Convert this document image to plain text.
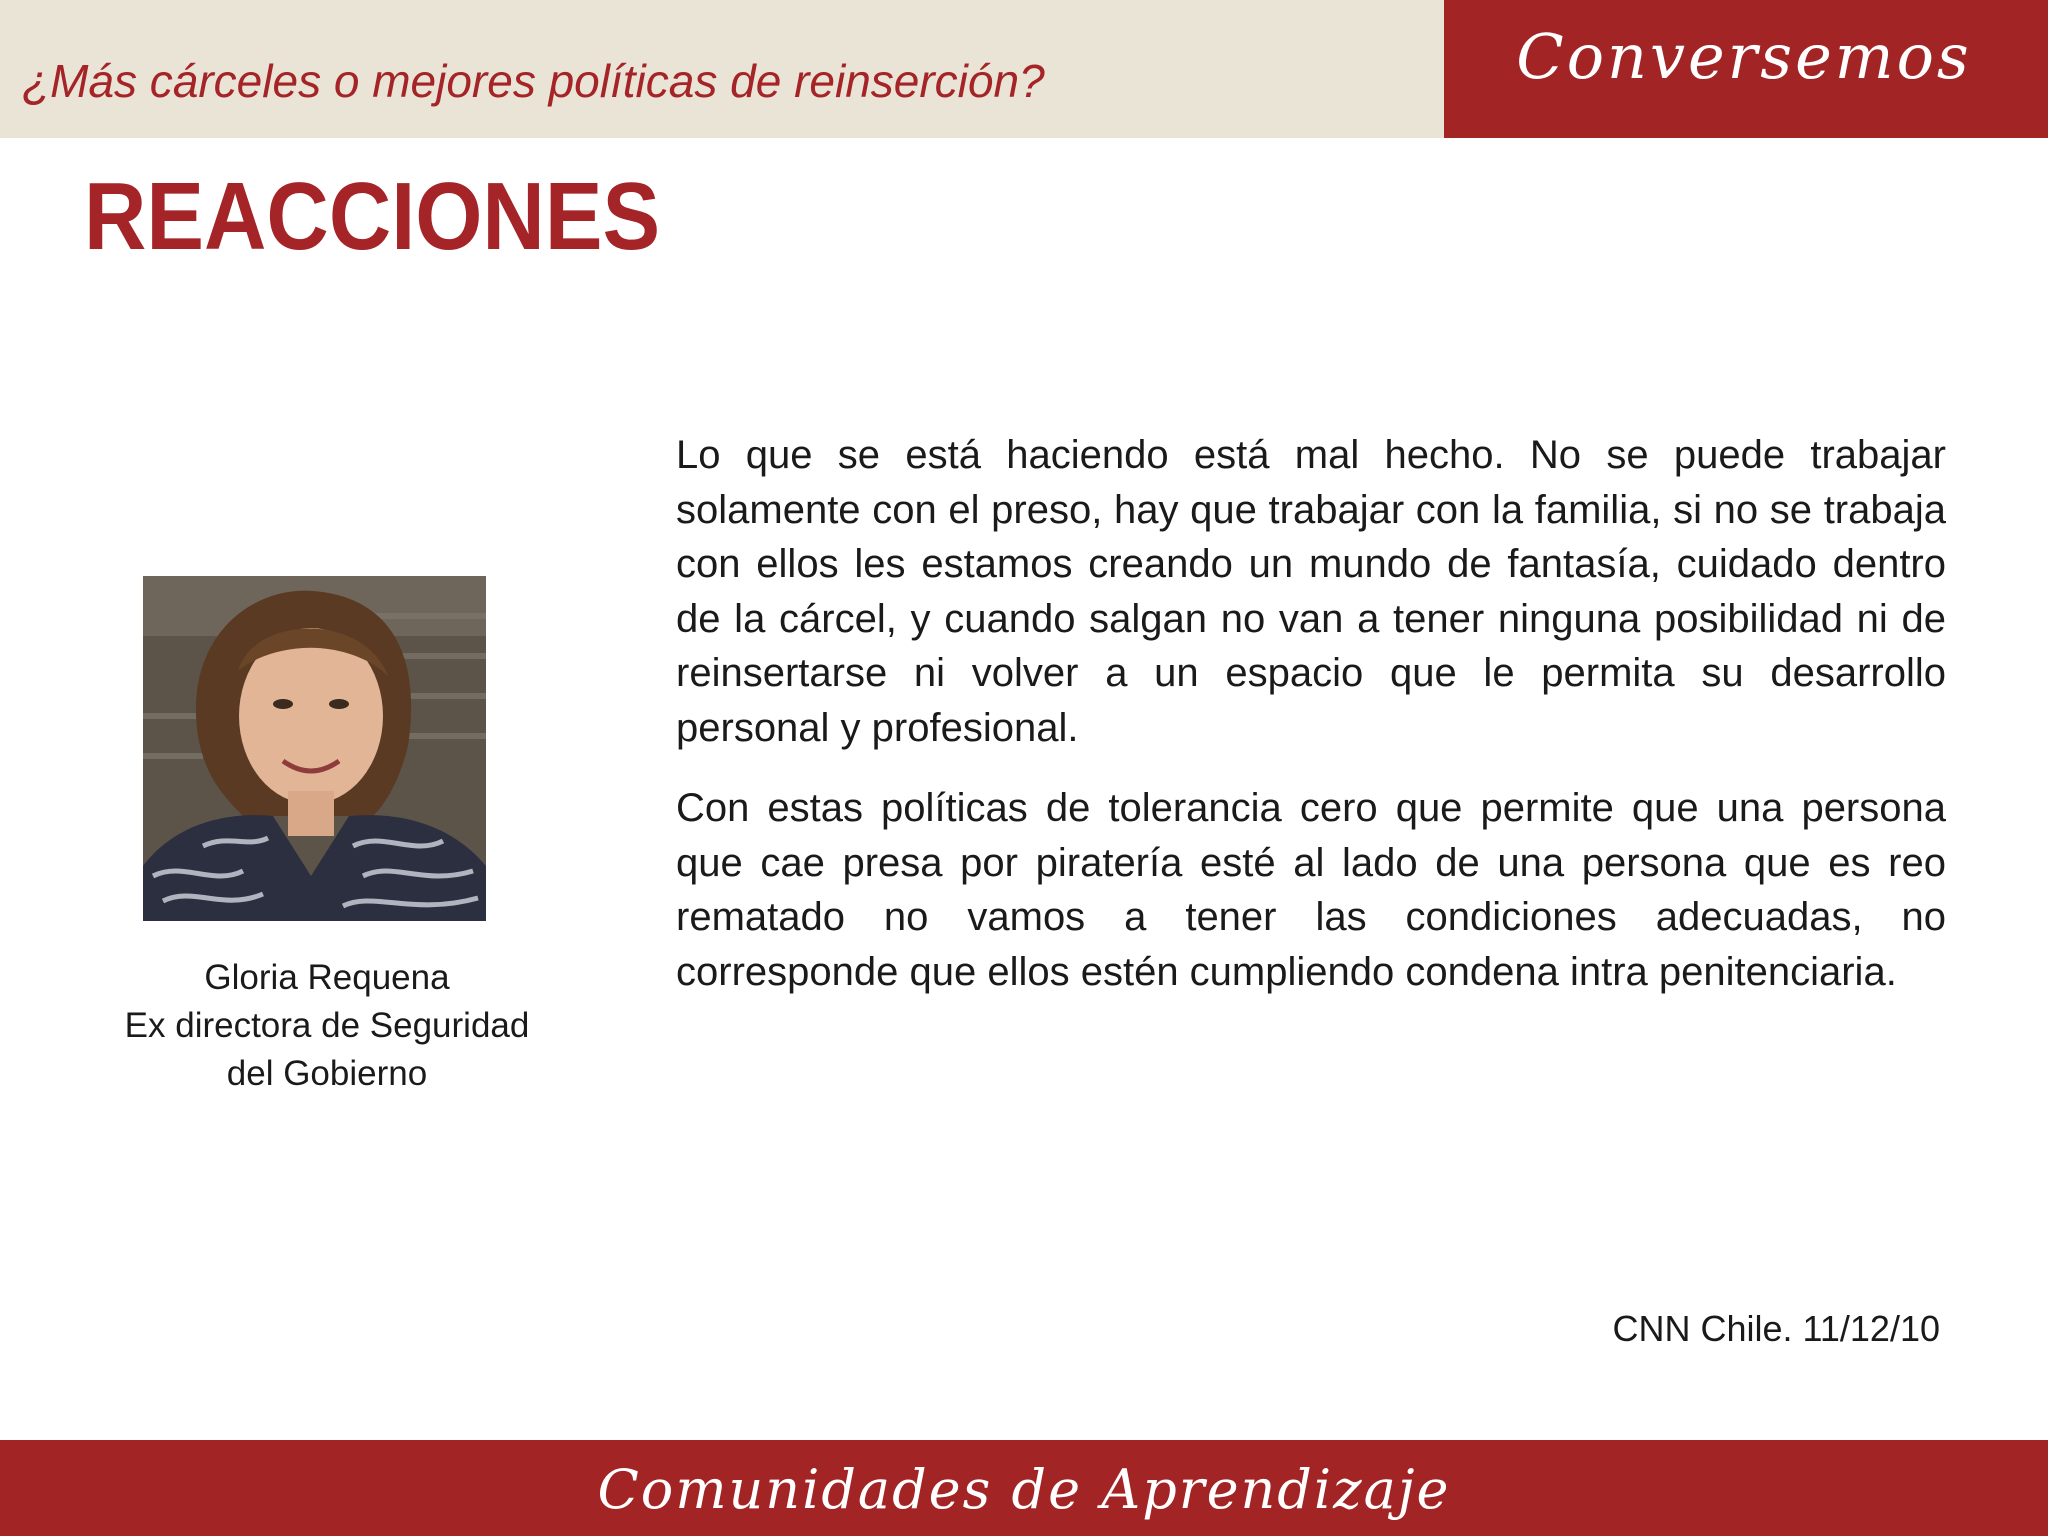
¿Más cárceles o mejores políticas de reinserción?	Conversemos
REACCIONES
Gloria Requena
Ex directora de Seguridad
del Gobierno

Lo que se está haciendo está mal hecho. No se puede trabajar solamente con el preso, hay que trabajar con la familia, si no se trabaja con ellos les estamos creando un mundo de fantasía, cuidado dentro de la cárcel, y cuando salgan no van a tener ninguna posibilidad ni de reinsertarse ni volver a un espacio que le permita su desarrollo personal y profesional.

Con estas políticas de tolerancia cero que permite que una persona que cae presa por piratería esté al lado de una persona que es reo rematado no vamos a tener las condiciones adecuadas, no corresponde que ellos estén cumpliendo condena intra penitenciaria.

CNN Chile. 11/12/10
Comunidades de Aprendizaje
